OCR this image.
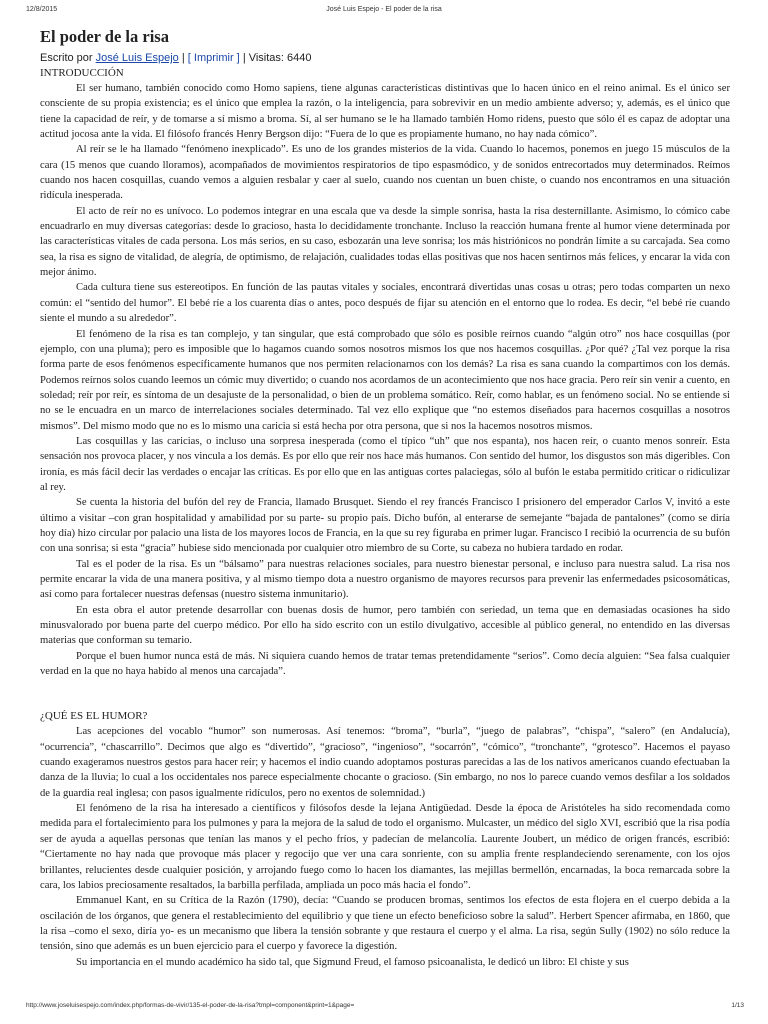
12/8/2015	José Luis Espejo - El poder de la risa
El poder de la risa
Escrito por José Luis Espejo | [ Imprimir ] | Visitas: 6440
INTRODUCCIÓN

El ser humano, también conocido como Homo sapiens, tiene algunas características distintivas que lo hacen único en el reino animal. Es el único ser consciente de su propia existencia; es el único que emplea la razón, o la inteligencia, para sobrevivir en un medio ambiente adverso; y, además, es el único que tiene la capacidad de reír, y de tomarse a sí mismo a broma. Sí, al ser humano se le ha llamado también Homo ridens, puesto que sólo él es capaz de adoptar una actitud jocosa ante la vida. El filósofo francés Henry Bergson dijo: “Fuera de lo que es propiamente humano, no hay nada cómico”.

Al reír se le ha llamado “fenómeno inexplicado”. Es uno de los grandes misterios de la vida. Cuando lo hacemos, ponemos en juego 15 músculos de la cara (15 menos que cuando lloramos), acompañados de movimientos respiratorios de tipo espasmódico, y de sonidos entrecortados muy determinados. Reímos cuando nos hacen cosquillas, cuando vemos a alguien resbalar y caer al suelo, cuando nos cuentan un buen chiste, o cuando nos encontramos en una situación ridícula inesperada.

El acto de reír no es unívoco. Lo podemos integrar en una escala que va desde la simple sonrisa, hasta la risa desternillante. Asimismo, lo cómico cabe encuadrarlo en muy diversas categorías: desde lo gracioso, hasta lo decididamente tronchante. Incluso la reacción humana frente al humor viene determinada por las características vitales de cada persona. Los más serios, en su caso, esbozarán una leve sonrisa; los más histriónicos no pondrán límite a su carcajada. Sea como sea, la risa es signo de vitalidad, de alegría, de optimismo, de relajación, cualidades todas ellas positivas que nos hacen sentirnos más felices, y encarar la vida con mejor ánimo.

Cada cultura tiene sus estereotipos. En función de las pautas vitales y sociales, encontrará divertidas unas cosas u otras; pero todas comparten un nexo común: el “sentido del humor”. El bebé ríe a los cuarenta días o antes, poco después de fijar su atención en el entorno que lo rodea. Es decir, “el bebé ríe cuando siente el mundo a su alrededor”.

El fenómeno de la risa es tan complejo, y tan singular, que está comprobado que sólo es posible reírnos cuando “algún otro” nos hace cosquillas (por ejemplo, con una pluma); pero es imposible que lo hagamos cuando somos nosotros mismos los que nos hacemos cosquillas. ¿Por qué? ¿Tal vez porque la risa forma parte de esos fenómenos específicamente humanos que nos permiten relacionarnos con los demás? La risa es sana cuando la compartimos con los demás. Podemos reírnos solos cuando leemos un cómic muy divertido; o cuando nos acordamos de un acontecimiento que nos hace gracia. Pero reír sin venir a cuento, en soledad; reír por reír, es síntoma de un desajuste de la personalidad, o bien de un problema somático. Reír, como hablar, es un fenómeno social. No se entiende si no se le encuadra en un marco de interrelaciones sociales determinado. Tal vez ello explique que “no estemos diseñados para hacernos cosquillas a nosotros mismos”. Del mismo modo que no es lo mismo una caricia si está hecha por otra persona, que si nos la hacemos nosotros mismos.

Las cosquillas y las caricias, o incluso una sorpresa inesperada (como el típico “uh” que nos espanta), nos hacen reír, o cuanto menos sonreír. Esta sensación nos provoca placer, y nos vincula a los demás. Es por ello que reír nos hace más humanos. Con sentido del humor, los disgustos son más digeribles. Con ironía, es más fácil decir las verdades o encajar las críticas. Es por ello que en las antiguas cortes palaciegas, sólo al bufón le estaba permitido criticar o ridiculizar al rey.

Se cuenta la historia del bufón del rey de Francia, llamado Brusquet. Siendo el rey francés Francisco I prisionero del emperador Carlos V, invitó a este último a visitar –con gran hospitalidad y amabilidad por su parte- su propio país. Dicho bufón, al enterarse de semejante “bajada de pantalones” (como se diría hoy día) hizo circular por palacio una lista de los mayores locos de Francia, en la que su rey figuraba en primer lugar. Francisco I recibió la ocurrencia de su bufón con una sonrisa; si esta “gracia” hubiese sido mencionada por cualquier otro miembro de su Corte, su cabeza no hubiera tardado en rodar.

Tal es el poder de la risa. Es un “bálsamo” para nuestras relaciones sociales, para nuestro bienestar personal, e incluso para nuestra salud. La risa nos permite encarar la vida de una manera positiva, y al mismo tiempo dota a nuestro organismo de mayores recursos para prevenir las enfermedades psicosomáticas, así como para fortalecer nuestras defensas (nuestro sistema inmunitario).

En esta obra el autor pretende desarrollar con buenas dosis de humor, pero también con seriedad, un tema que en demasiadas ocasiones ha sido minusvalorado por buena parte del cuerpo médico. Por ello ha sido escrito con un estilo divulgativo, accesible al público general, no entendido en las diversas materias que conforman su temario.

Porque el buen humor nunca está de más. Ni siquiera cuando hemos de tratar temas pretendidamente “serios”. Como decía alguien: “Sea falsa cualquier verdad en la que no haya habido al menos una carcajada”.

¿QUÉ ES EL HUMOR?

Las acepciones del vocablo “humor” son numerosas. Así tenemos: “broma”, “burla”, “juego de palabras”, “chispa”, “salero” (en Andalucía), “ocurrencia”, “chascarrillo”. Decimos que algo es “divertido”, “gracioso”, “ingenioso”, “socarrón”, “cómico”, “tronchante”, “grotesco”. Hacemos el payaso cuando exageramos nuestros gestos para hacer reír; y hacemos el indio cuando adoptamos posturas parecidas a las de los nativos americanos cuando efectuaban la danza de la lluvia; lo cual a los occidentales nos parece especialmente chocante o gracioso. (Sin embargo, no nos lo parece cuando vemos desfilar a los soldados de la guardia real inglesa; con pasos igualmente ridículos, pero no exentos de solemnidad.)

El fenómeno de la risa ha interesado a científicos y filósofos desde la lejana Antigüedad. Desde la época de Aristóteles ha sido recomendada como medida para el fortalecimiento para los pulmones y para la mejora de la salud de todo el organismo. Mulcaster, un médico del siglo XVI, escribió que la risa podía ser de ayuda a aquellas personas que tenían las manos y el pecho fríos, y padecían de melancolía. Laurente Joubert, un médico de origen francés, escribió: “Ciertamente no hay nada que provoque más placer y regocijo que ver una cara sonriente, con su amplia frente resplandeciendo serenamente, con los ojos brillantes, relucientes desde cualquier posición, y arrojando fuego como lo hacen los diamantes, las mejillas bermellón, encarnadas, la boca remarcada sobre la cara, los labios preciosamente resaltados, la barbilla perfilada, ampliada un poco más hacia el fondo”.

Emmanuel Kant, en su Crítica de la Razón (1790), decía: “Cuando se producen bromas, sentimos los efectos de esta flojera en el cuerpo debida a la oscilación de los órganos, que genera el restablecimiento del equilibrio y que tiene un efecto beneficioso sobre la salud”. Herbert Spencer afirmaba, en 1860, que la risa –como el sexo, diría yo- es un mecanismo que libera la tensión sobrante y que restaura el cuerpo y el alma. La risa, según Sully (1902) no sólo reduce la tensión, sino que además es un buen ejercicio para el cuerpo y favorece la digestión.

Su importancia en el mundo académico ha sido tal, que Sigmund Freud, el famoso psicoanalista, le dedicó un libro: El chiste y sus

http://www.joseluisespejo.com/index.php/formas-de-vivir/135-el-poder-de-la-risa?tmpl=component&print=1&page=	1/13
